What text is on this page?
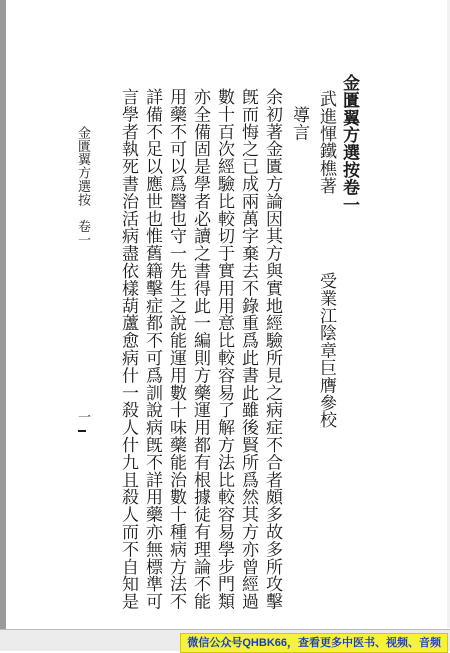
金匱翼方選按卷一
武進惲鐵樵著
受業江陰章巨膺參校
導言
余初著金匱方論因其方與實地經驗所見之病症不合者頗多故多所攻擊
旣而悔之已成兩萬字棄去不錄重爲此書此雖後賢所爲然其方亦曾經過
數十百次經驗比較切于實用用意比較容易了解方法比較容易學步門類
亦全備固是學者必讀之書得此一編則方藥運用都有根據徒有理論不能
用藥不可以爲醫也守一先生之說能運用數十味藥能治數十種病方法不
詳備不足以應世也惟舊籍擊症都不可爲訓說病旣不詳用藥亦無標準可
言學者執死書治活病盡依樣葫蘆愈病什一殺人什九且殺人而不自知是
金匱翼方選按　卷一
一
微信公众号QHBK66，查看更多中医书、视频、音频
